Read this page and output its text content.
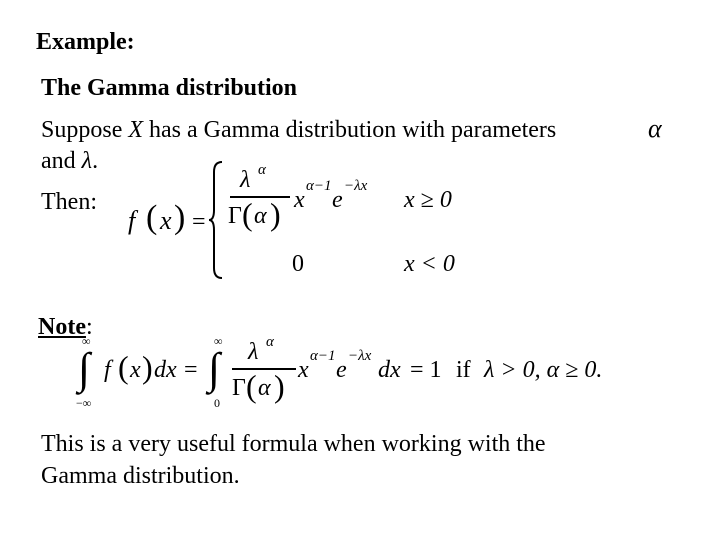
Example:
The Gamma distribution
Suppose X has a Gamma distribution with parameters	α
and λ.
Then:
f ( x ) =
λ α
Γ ( α ) x
α−1
e
−λx
x ≥ 0
0	x < 0
Note:
∞
∫
−∞
f ( x ) dx =
∞
∫
0
λ α
Γ ( α ) x
α−1
e
−λx
dx = 1 if λ > 0, α ≥ 0.
This is a very useful formula when working with the
Gamma distribution.
